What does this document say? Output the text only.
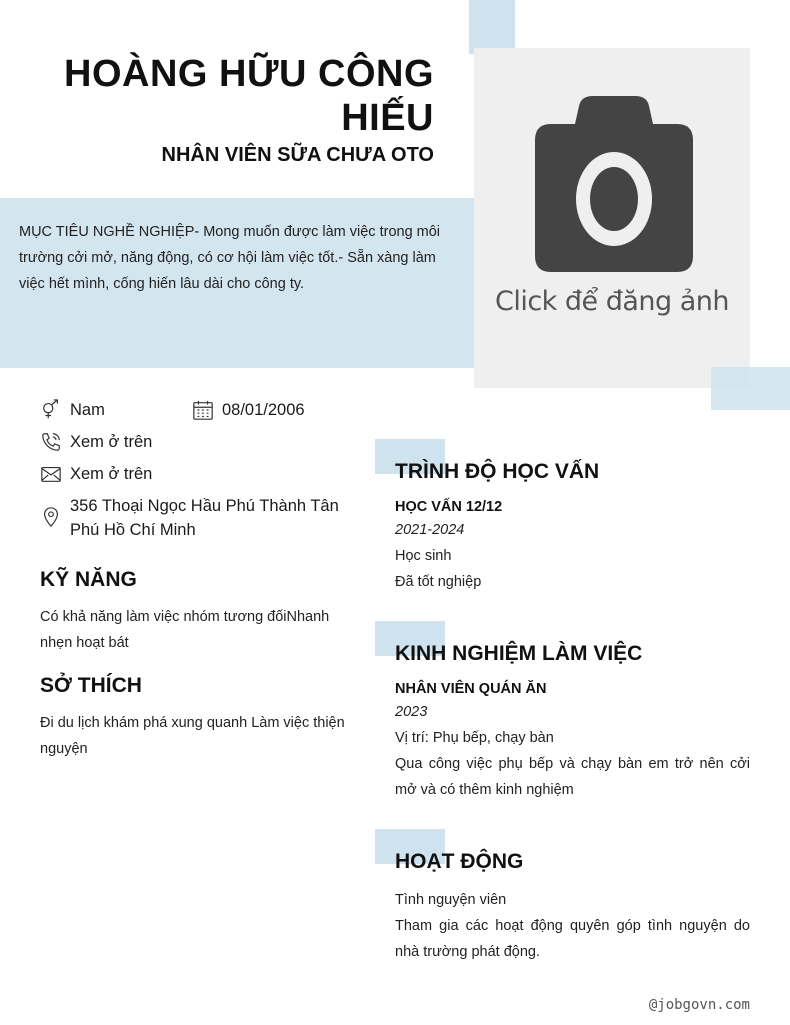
Click để đăng ảnh
HOÀNG HỮU CÔNG HIẾU
NHÂN VIÊN SỮA CHƯA OTO
MỤC TIÊU NGHỀ NGHIỆP- Mong muốn được làm việc trong môi trường cởi mở, năng động, có cơ hội làm việc tốt.- Sẵn xàng làm việc hết mình, cống hiến lâu dài cho công ty.
Nam	08/01/2006
Xem ở trên
Xem ở trên
356 Thoại Ngọc Hầu Phú Thành Tân Phú Hồ Chí Minh
KỸ NĂNG
Có khả năng làm việc nhóm tương đốiNhanh nhẹn hoạt bát
SỞ THÍCH
Đi du lịch khám phá xung quanh Làm việc thiện nguyện
TRÌNH ĐỘ HỌC VẤN
HỌC VẤN 12/12
2021-2024
Học sinh
Đã tốt nghiệp
KINH NGHIỆM LÀM VIỆC
NHÂN VIÊN QUÁN ĂN
2023
Vị trí: Phụ bếp, chạy bàn
Qua công việc phụ bếp và chạy bàn em trở nên cởi mở và có thêm kinh nghiệm
HOẠT ĐỘNG
Tình nguyện viên
Tham gia các hoạt động quyên góp tình nguyện do nhà trường phát động.
@jobgovn.com
